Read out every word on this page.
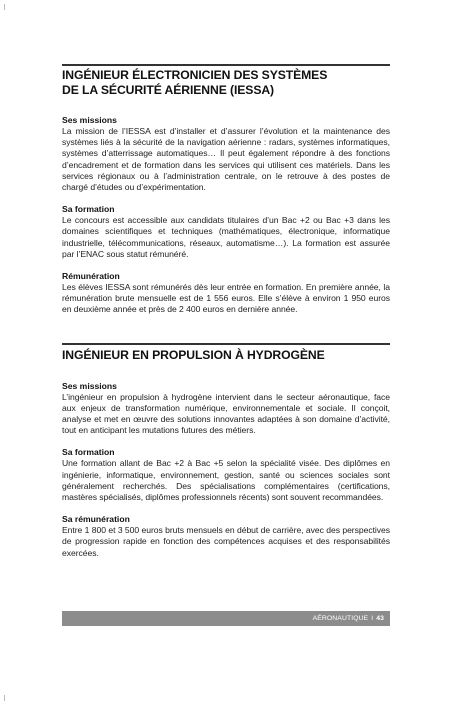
INGÉNIEUR ÉLECTRONICIEN DES SYSTÈMES
DE LA SÉCURITÉ AÉRIENNE (IESSA)

Ses missions

La mission de l’IESSA est d’installer et d’assurer l’évolution et la maintenance des systèmes liés à la sécurité de la navigation aérienne : radars, systèmes informatiques, systèmes d’atterrissage automatiques… Il peut également répondre à des fonctions d’encadrement et de formation dans les services qui utilisent ces matériels. Dans les services régionaux ou à l’administration centrale, on le retrouve à des postes de chargé d’études ou d’expérimentation.

Sa formation

Le concours est accessible aux candidats titulaires d’un Bac +2 ou Bac +3 dans les domaines scientifiques et techniques (mathématiques, électronique, informatique industrielle, télécommunications, réseaux, automatisme…). La formation est assurée par l’ENAC sous statut rémunéré.

Rémunération

Les élèves IESSA sont rémunérés dès leur entrée en formation. En première année, la rémunération brute mensuelle est de 1 556 euros. Elle s’élève à environ 1 950 euros en deuxième année et près de 2 400 euros en dernière année.

INGÉNIEUR EN PROPULSION À HYDROGÈNE

Ses missions

L’ingénieur en propulsion à hydrogène intervient dans le secteur aéronautique, face aux enjeux de transformation numérique, environnementale et sociale. Il conçoit, analyse et met en œuvre des solutions innovantes adaptées à son domaine d’activité, tout en anticipant les mutations futures des métiers.

Sa formation

Une formation allant de Bac +2 à Bac +5 selon la spécialité visée. Des diplômes en ingénierie, informatique, environnement, gestion, santé ou sciences sociales sont généralement recherchés. Des spécialisations complémentaires (certifications, mastères spécialisés, diplômes professionnels récents) sont souvent recommandées.

Sa rémunération

Entre 1 800 et 3 500 euros bruts mensuels en début de carrière, avec des perspectives de progression rapide en fonction des compétences acquises et des responsabilités exercées.

AÉRONAUTIQUE I 43
